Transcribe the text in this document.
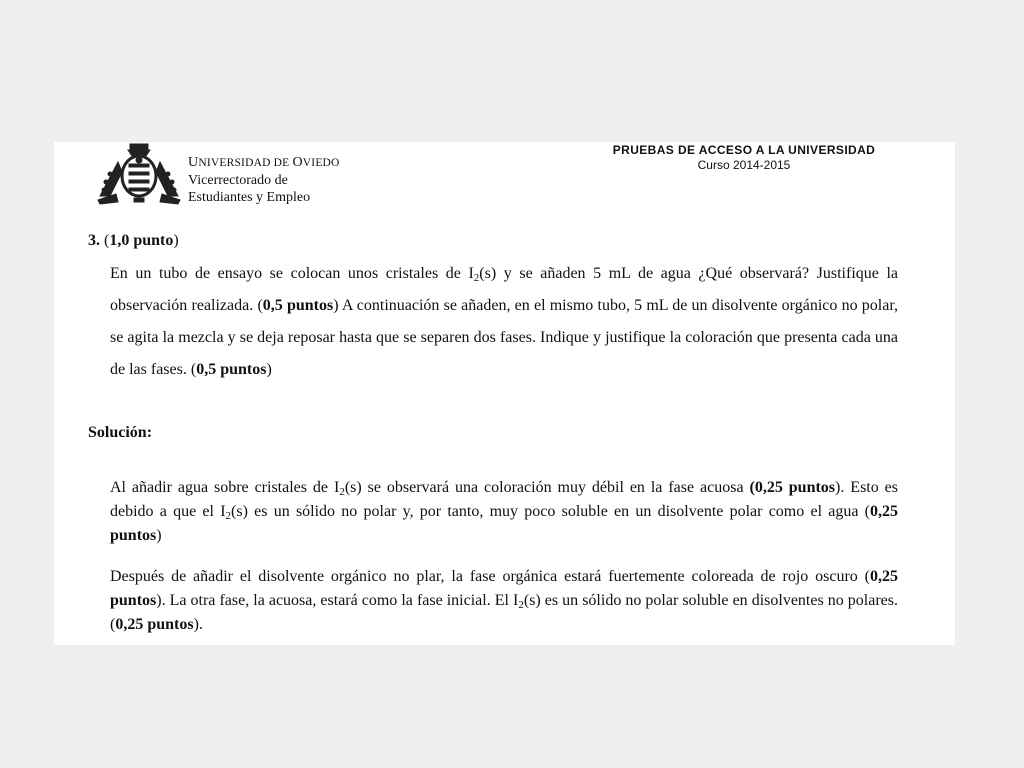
UNIVERSIDAD DE OVIEDO
Vicerrectorado de
Estudiantes y Empleo
PRUEBAS DE ACCESO A LA UNIVERSIDAD
Curso 2014-2015
3. (1,0 punto)
En un tubo de ensayo se colocan unos cristales de $I_2(s)$ y se añaden 5 mL de agua ¿Qué observará? Justifique la observación realizada. (0,5 puntos) A continuación se añaden, en el mismo tubo, 5 mL de un disolvente orgánico no polar, se agita la mezcla y se deja reposar hasta que se separen dos fases. Indique y justifique la coloración que presenta cada una de las fases. (0,5 puntos)
Solución:
Al añadir agua sobre cristales de $I_2(s)$ se observará una coloración muy débil en la fase acuosa (0,25 puntos). Esto es debido a que el $I_2(s)$ es un sólido no polar y, por tanto, muy poco soluble en un disolvente polar como el agua (0,25 puntos)
Después de añadir el disolvente orgánico no plar, la fase orgánica estará fuertemente coloreada de rojo oscuro (0,25 puntos). La otra fase, la acuosa, estará como la fase inicial. El $I_2(s)$ es un sólido no polar soluble en disolventes no polares. (0,25 puntos).
